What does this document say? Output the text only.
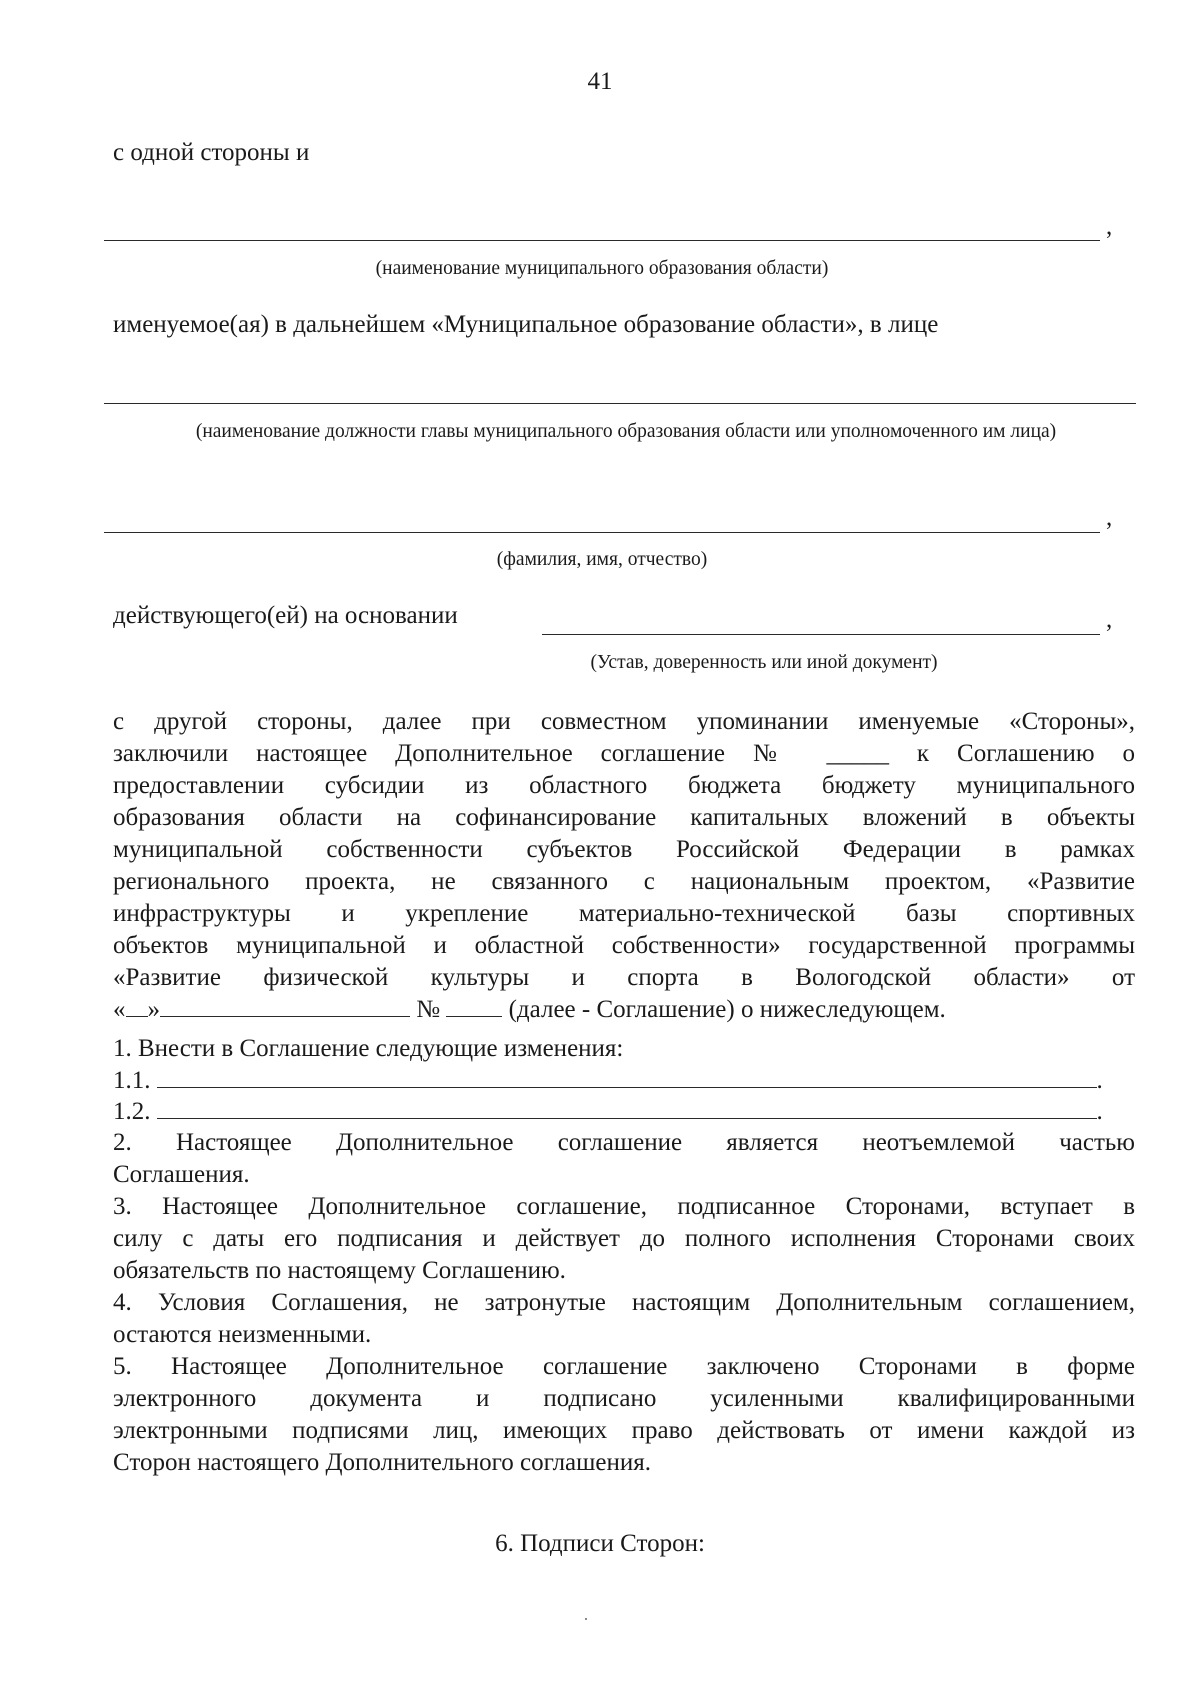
41
с одной стороны и
,
(наименование муниципального образования области)
именуемое(ая) в дальнейшем «Муниципальное образование области», в лице
(наименование должности главы муниципального образования области или уполномоченного им лица)
,
(фамилия, имя, отчество)
действующего(ей) на основании	,
(Устав, доверенность или иной документ)
с другой стороны, далее при совместном упоминании именуемые «Стороны»,
заключили настоящее Дополнительное соглашение № _____ к Соглашению о
предоставлении субсидии из областного бюджета бюджету муниципального
образования области на софинансирование капитальных вложений в объекты
муниципальной собственности субъектов Российской Федерации в рамках
регионального проекта, не связанного с национальным проектом, «Развитие
инфраструктуры и укрепление материально-технической базы спортивных
объектов муниципальной и областной собственности» государственной программы
«Развитие физической культуры и спорта в Вологодской области» от
« »	№	(далее - Соглашение) о нижеследующем.
1. Внести в Соглашение следующие изменения:
1.1.	.
1.2.	.
2. Настоящее Дополнительное соглашение является неотъемлемой частью
Соглашения.
3. Настоящее Дополнительное соглашение, подписанное Сторонами, вступает в
силу с даты его подписания и действует до полного исполнения Сторонами своих
обязательств по настоящему Соглашению.
4. Условия Соглашения, не затронутые настоящим Дополнительным соглашением,
остаются неизменными.
5. Настоящее Дополнительное соглашение заключено Сторонами в форме
электронного документа и подписано усиленными квалифицированными
электронными подписями лиц, имеющих право действовать от имени каждой из
Сторон настоящего Дополнительного соглашения.
6. Подписи Сторон:
